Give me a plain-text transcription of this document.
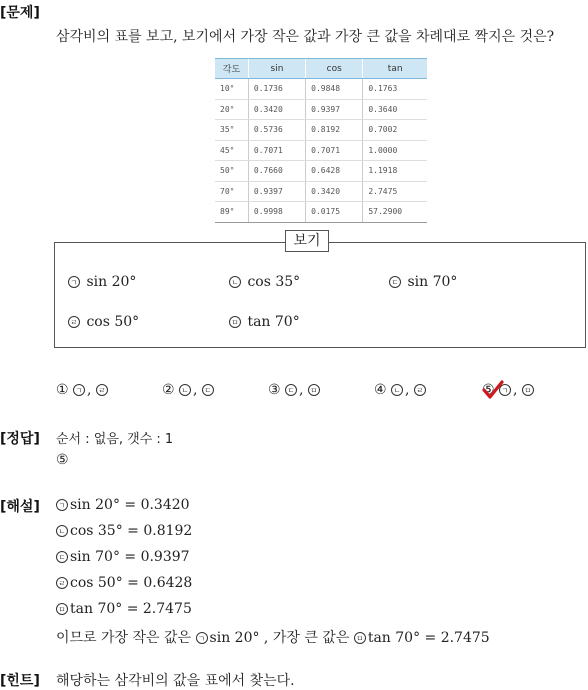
[문제]
삼각비의 표를 보고, 보기에서 가장 작은 값과 가장 큰 값을 차례대로 짝지은 것은?
각도	sin	cos	tan
10°	0.1736	0.9848	0.1763
20°	0.3420	0.9397	0.3640
35°	0.5736	0.8192	0.7002
45°	0.7071	0.7071	1.0000
50°	0.7660	0.6428	1.1918
70°	0.9397	0.3420	2.7475
89°	0.9998	0.0175	57.2900
보기
ㄱ sin 20°	ㄴ cos 35°	ㄷ sin 70°
ㄹ cos 50°	ㅁ tan 70°
① ㄱ , ㄹ	② ㄴ , ㄷ	③ ㄷ , ㅁ	④ ㄴ , ㄹ	⑤ ㄱ , ㅁ
[정답] 순서 : 없음, 갯수 : 1
⑤
[해설]	ㄱ sin 20° = 0.3420
ㄴ cos 35° = 0.8192
ㄷ sin 70° = 0.9397
ㄹ cos 50° = 0.6428
ㅁ tan 70° = 2.7475
이므로 가장 작은 값은 ㄱ sin 20° , 가장 큰 값은 ㅁ tan 70° = 2.7475
[힌트] 해당하는 삼각비의 값을 표에서 찾는다.
